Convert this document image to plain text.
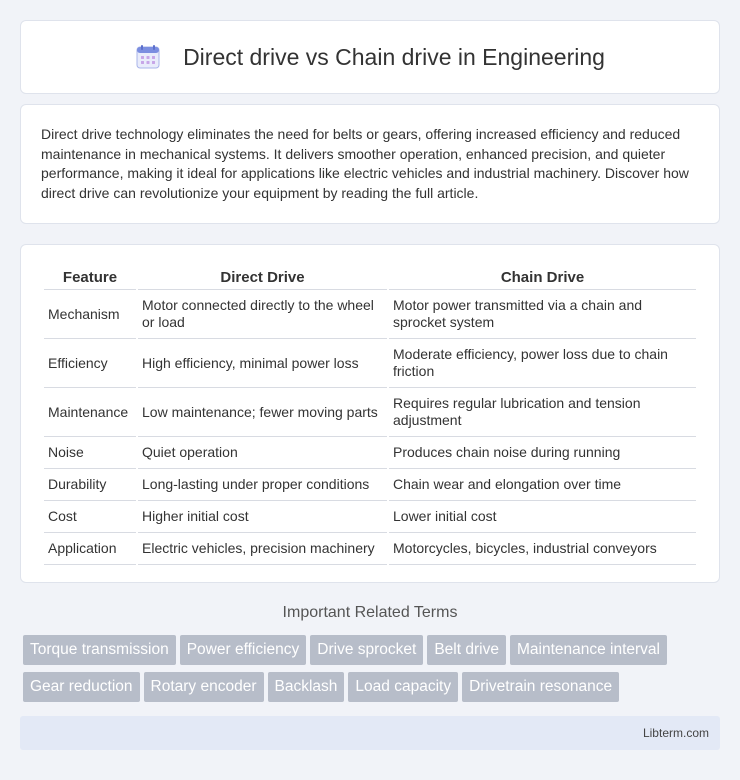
Direct drive vs Chain drive in Engineering

Direct drive technology eliminates the need for belts or gears, offering increased efficiency and reduced maintenance in mechanical systems. It delivers smoother operation, enhanced precision, and quieter performance, making it ideal for applications like electric vehicles and industrial machinery. Discover how direct drive can revolutionize your equipment by reading the full article.

Feature	Direct Drive	Chain Drive
Mechanism	Motor connected directly to the wheel or load	Motor power transmitted via a chain and sprocket system
Efficiency	High efficiency, minimal power loss	Moderate efficiency, power loss due to chain friction
Maintenance	Low maintenance; fewer moving parts	Requires regular lubrication and tension adjustment
Noise	Quiet operation	Produces chain noise during running
Durability	Long-lasting under proper conditions	Chain wear and elongation over time
Cost	Higher initial cost	Lower initial cost
Application	Electric vehicles, precision machinery	Motorcycles, bicycles, industrial conveyors
Important Related Terms
Torque transmission Power efficiency Drive sprocket Belt drive Maintenance interval
Gear reduction Rotary encoder Backlash Load capacity Drivetrain resonance
Libterm.com
